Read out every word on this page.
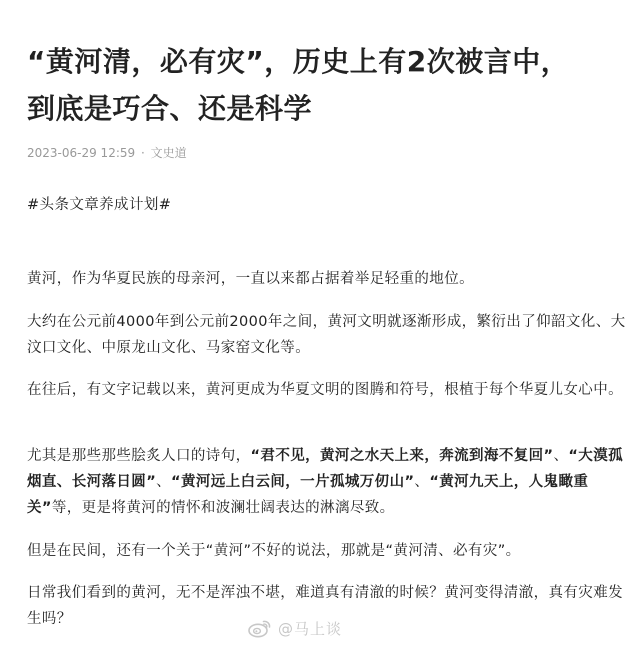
“黄河清，必有灾”，历史上有2次被言中，到底是巧合、还是科学
2023-06-29 12:59 · 文史道

#头条文章养成计划#

黄河，作为华夏民族的母亲河，一直以来都占据着举足轻重的地位。

大约在公元前4000年到公元前2000年之间，黄河文明就逐渐形成，繁衍出了仰韶文化、大汶口文化、中原龙山文化、马家窑文化等。

在往后，有文字记载以来，黄河更成为华夏文明的图腾和符号，根植于每个华夏儿女心中。

尤其是那些那些脍炙人口的诗句，“君不见，黄河之水天上来，奔流到海不复回”、“大漠孤烟直、长河落日圆”、“黄河远上白云间，一片孤城万仞山”、“黄河九天上，人鬼瞰重关”等，更是将黄河的情怀和波澜壮阔表达的淋漓尽致。

但是在民间，还有一个关于“黄河”不好的说法，那就是“黄河清、必有灾”。

日常我们看到的黄河，无不是浑浊不堪，难道真有清澈的时候？黄河变得清澈，真有灾难发生吗？

@马上谈
